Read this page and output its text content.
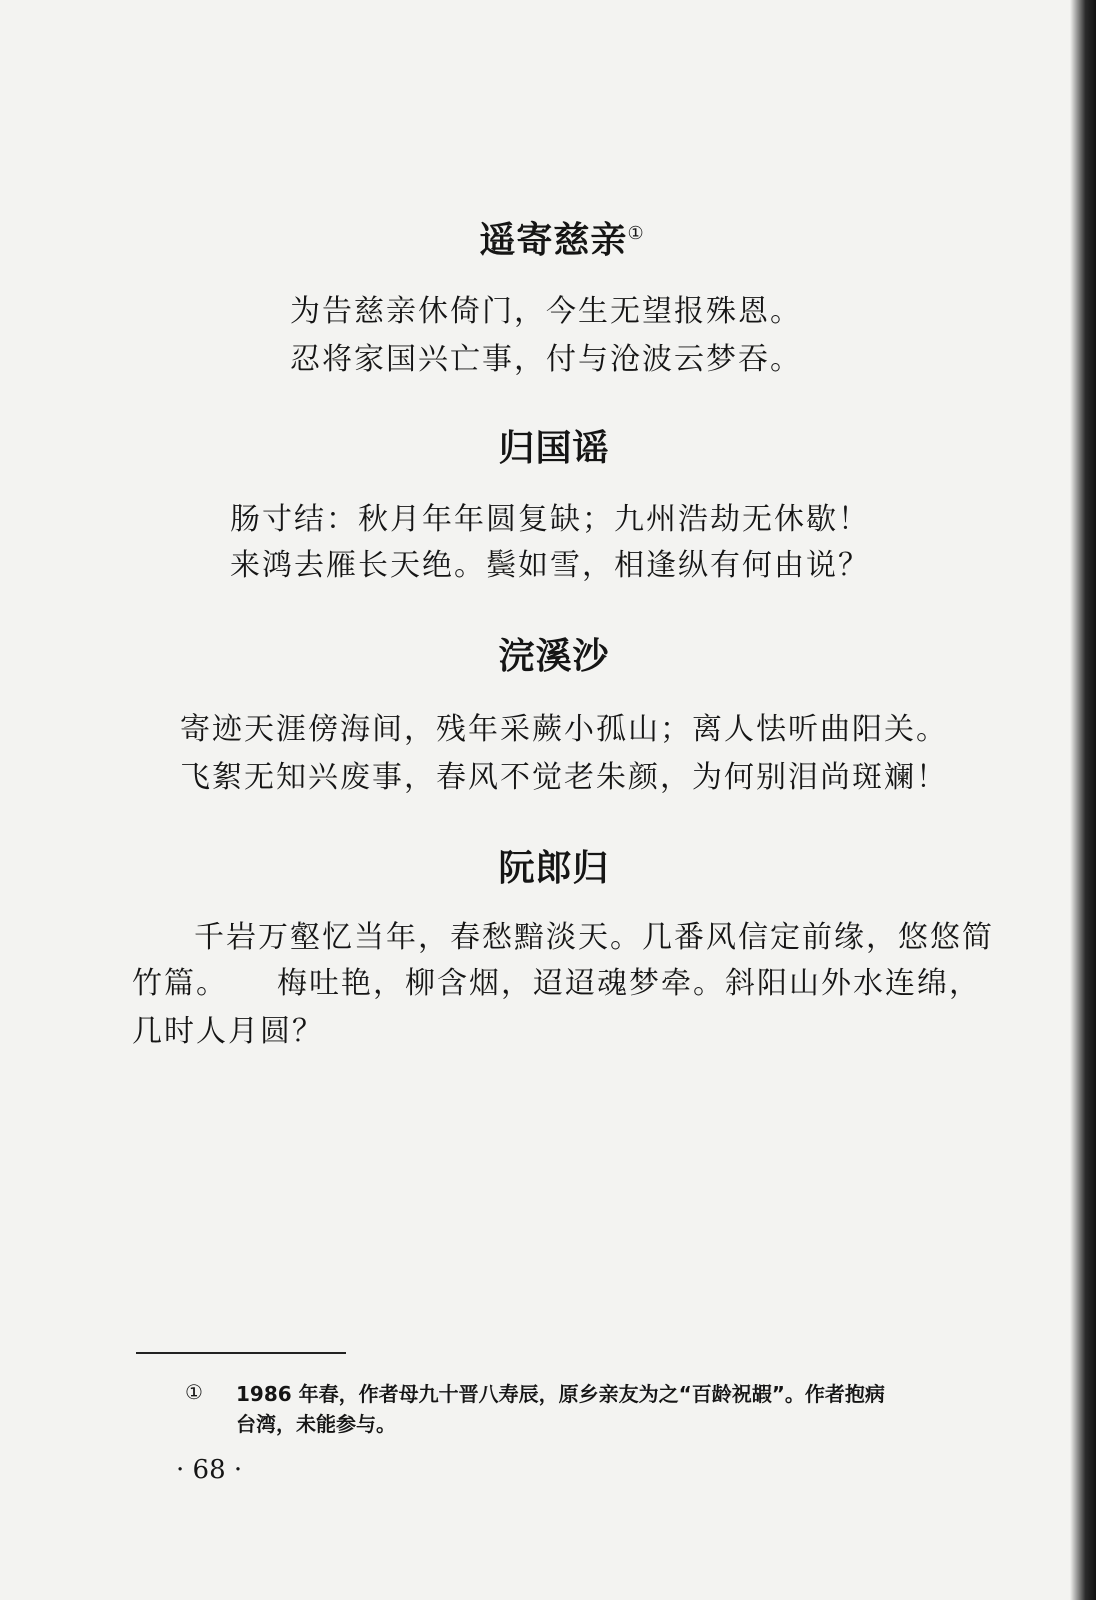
遥寄慈亲①

为告慈亲休倚门，今生无望报殊恩。

忍将家国兴亡事，付与沧波云梦吞。

归国谣

肠寸结：秋月年年圆复缺；九州浩劫无休歇！

来鸿去雁长天绝。鬓如雪，相逢纵有何由说？

浣溪沙

寄迹天涯傍海间，残年采蕨小孤山；离人怯听曲阳关。

飞絮无知兴废事，春风不觉老朱颜，为何别泪尚斑斓！

阮郎归

千岩万壑忆当年，春愁黯淡天。几番风信定前缘，悠悠简

竹篇。　　梅吐艳，柳含烟，迢迢魂梦牵。斜阳山外水连绵，

几时人月圆？

① 1986 年春，作者母九十晋八寿辰，原乡亲友为之“百龄祝嘏”。作者抱病

台湾，未能参与。

· 68 ·
